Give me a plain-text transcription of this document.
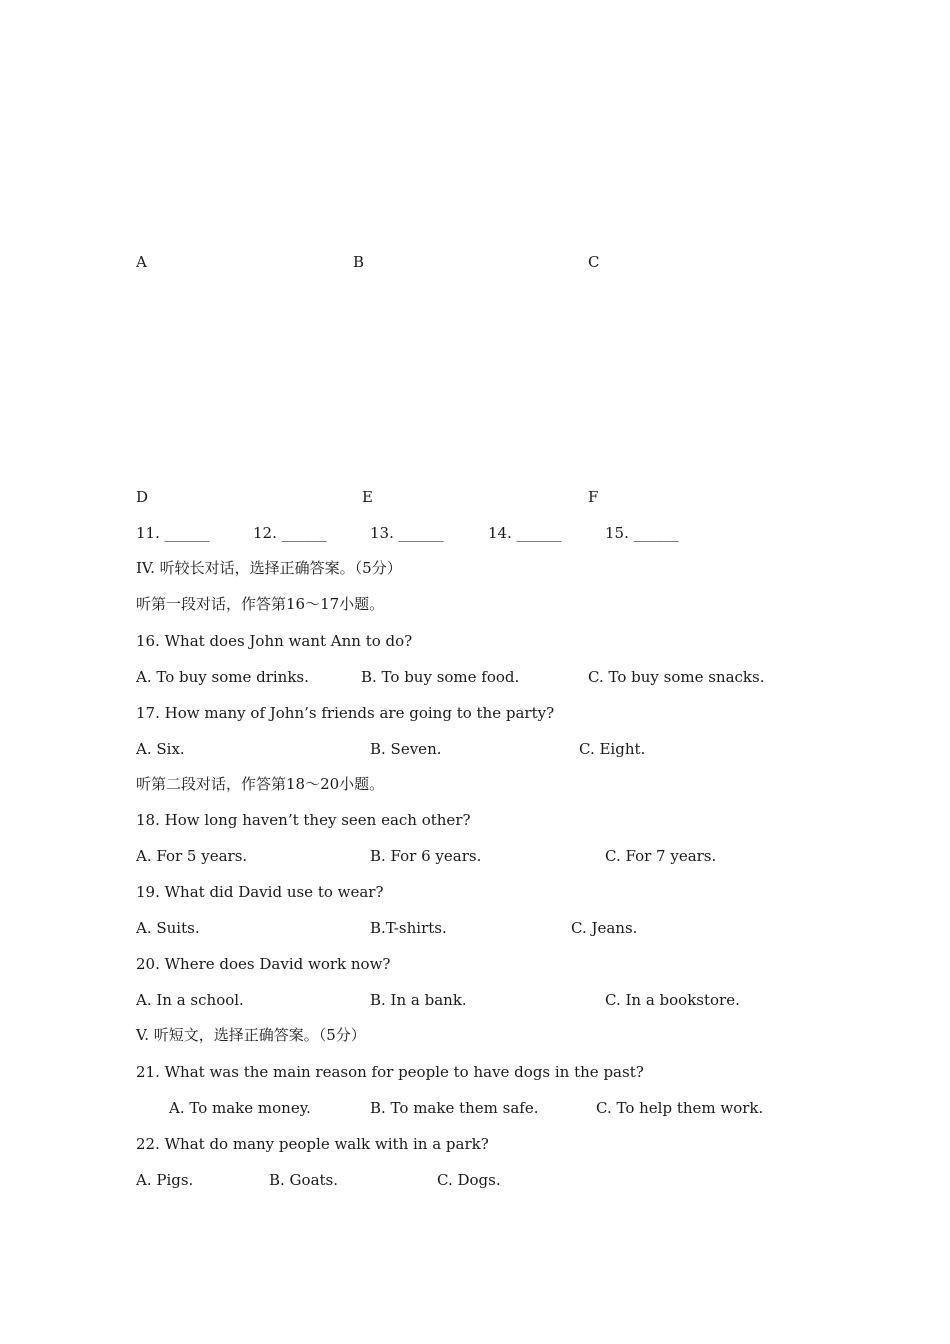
A	B	C
D	E	F
11. ______	12. ______	13. ______	14. ______	15. ______
IV. 听较长对话，选择正确答案。（5分）
听第一段对话，作答第16～17小题。
16. What does John want Ann to do?
A. To buy some drinks.	B. To buy some food.	C. To buy some snacks.
17. How many of John’s friends are going to the party?
A. Six.	B. Seven.	C. Eight.
听第二段对话，作答第18～20小题。
18. How long haven’t they seen each other?
A. For 5 years.	B. For 6 years.	C. For 7 years.
19. What did David use to wear?
A. Suits.	B.T-shirts.	C. Jeans.
20. Where does David work now?
A. In a school.	B. In a bank.	C. In a bookstore.
V. 听短文，选择正确答案。（5分）
21. What was the main reason for people to have dogs in the past?
A. To make money.	B. To make them safe.	C. To help them work.
22. What do many people walk with in a park?
A. Pigs.	B. Goats.	C. Dogs.
